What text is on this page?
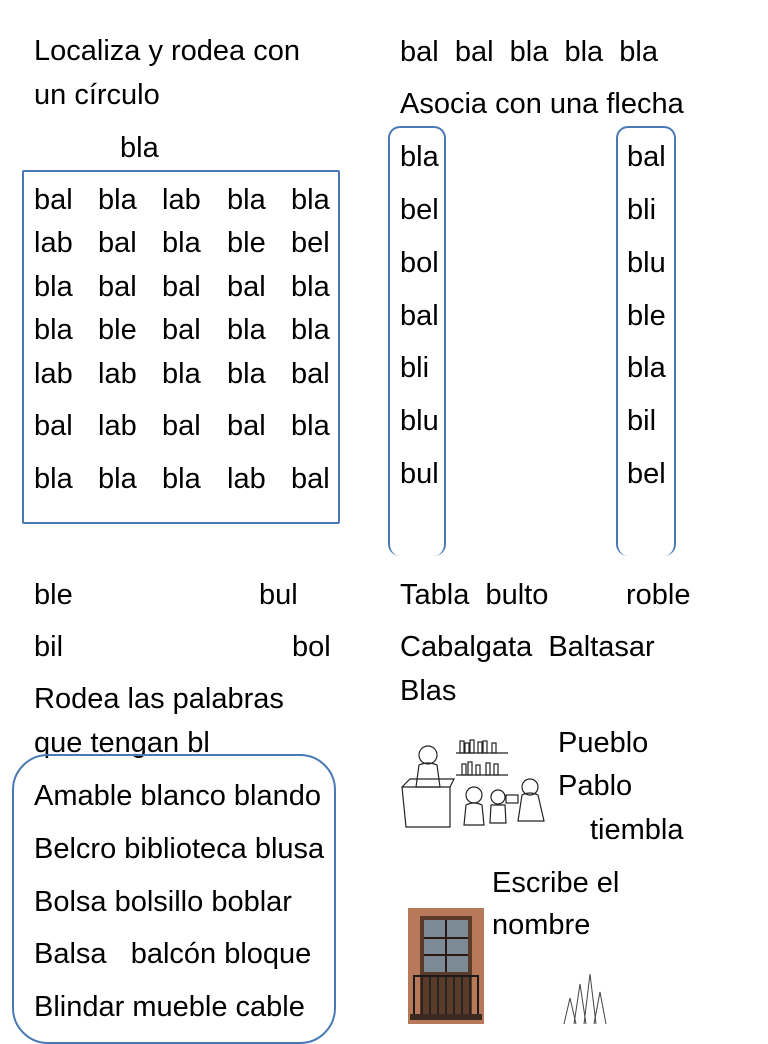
Localiza y rodea con
un círculo
bla
bal bla lab bla bla
lab bal bla ble bel
bla bal bal bal bla
bla ble bal bla bla
lab lab bla bla bal
bal lab bal bal bla
bla bla bla lab bal
bal  bal  bla  bla  bla
Asocia con una flecha
bla
bel
bol
bal
bli
blu
bul
bal
bli
blu
ble
bla
bil
bel
ble	bul
bil	bol
Rodea las palabras
que tengan bl
Amable blanco blando
Belcro biblioteca blusa
Bolsa bolsillo boblar
Balsa   balcón bloque
Blindar mueble cable
Tabla  bulto	roble
Cabalgata  Baltasar
Blas
Pueblo
Pablo
tiembla
Escribe el
nombre
